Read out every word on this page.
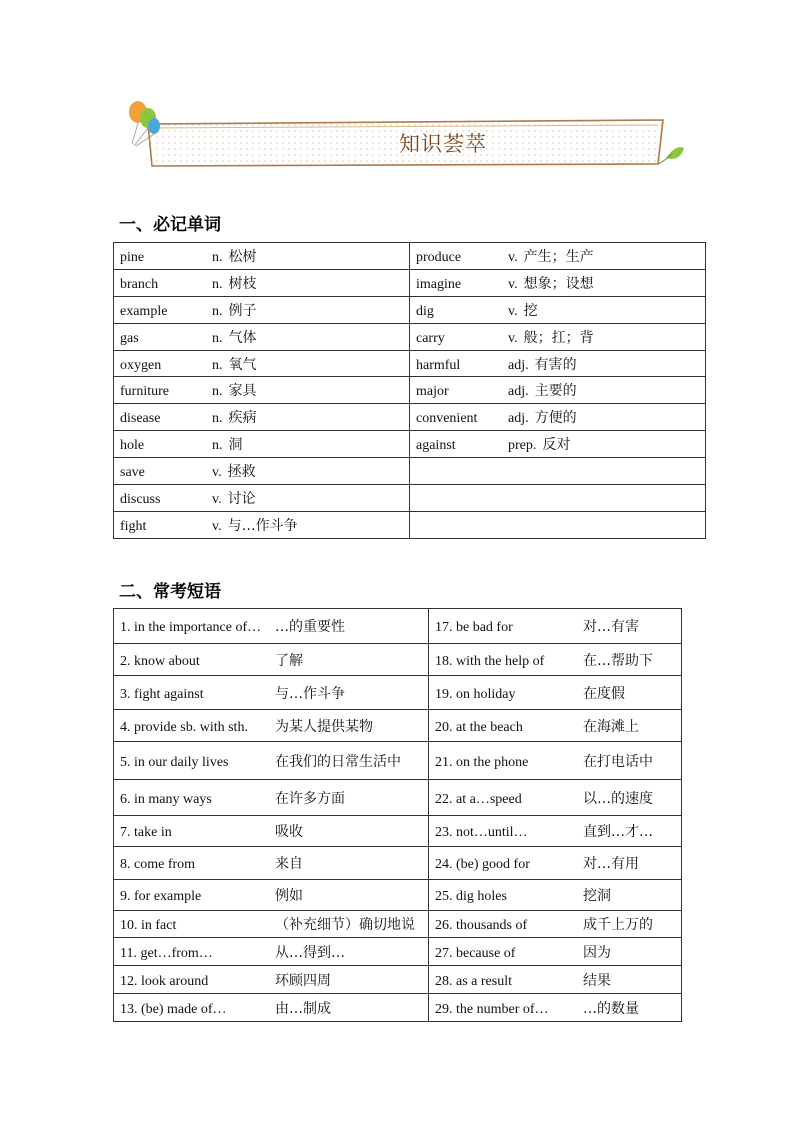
知识荟萃
一、必记单词
pine n. 松树	produce v. 产生；生产
branch n. 树枝	imagine v. 想象；设想
example n. 例子	dig v. 挖
gas n. 气体	carry v. 般；扛；背
oxygen n. 氧气	harmful adj. 有害的
furniture n. 家具	major adj. 主要的
disease n. 疾病	convenient adj. 方便的
hole n. 洞	against prep. 反对
save v. 拯救	
discuss v. 讨论	
fight v. 与…作斗争	
二、常考短语
1. in the importance of… …的重要性	17. be bad for 对…有害
2. know about 了解	18. with the help of 在…帮助下
3. fight against 与…作斗争	19. on holiday 在度假
4. provide sb. with sth. 为某人提供某物	20. at the beach 在海滩上
5. in our daily lives 在我们的日常生活中	21. on the phone 在打电话中
6. in many ways 在许多方面	22. at a…speed 以…的速度
7. take in 吸收	23. not…until… 直到…才…
8. come from 来自	24. (be) good for 对…有用
9. for example 例如	25. dig holes 挖洞
10. in fact （补充细节）确切地说	26. thousands of 成千上万的
11. get…from… 从…得到…	27. because of 因为
12. look around 环顾四周	28. as a result 结果
13. (be) made of… 由…制成	29. the number of… …的数量
